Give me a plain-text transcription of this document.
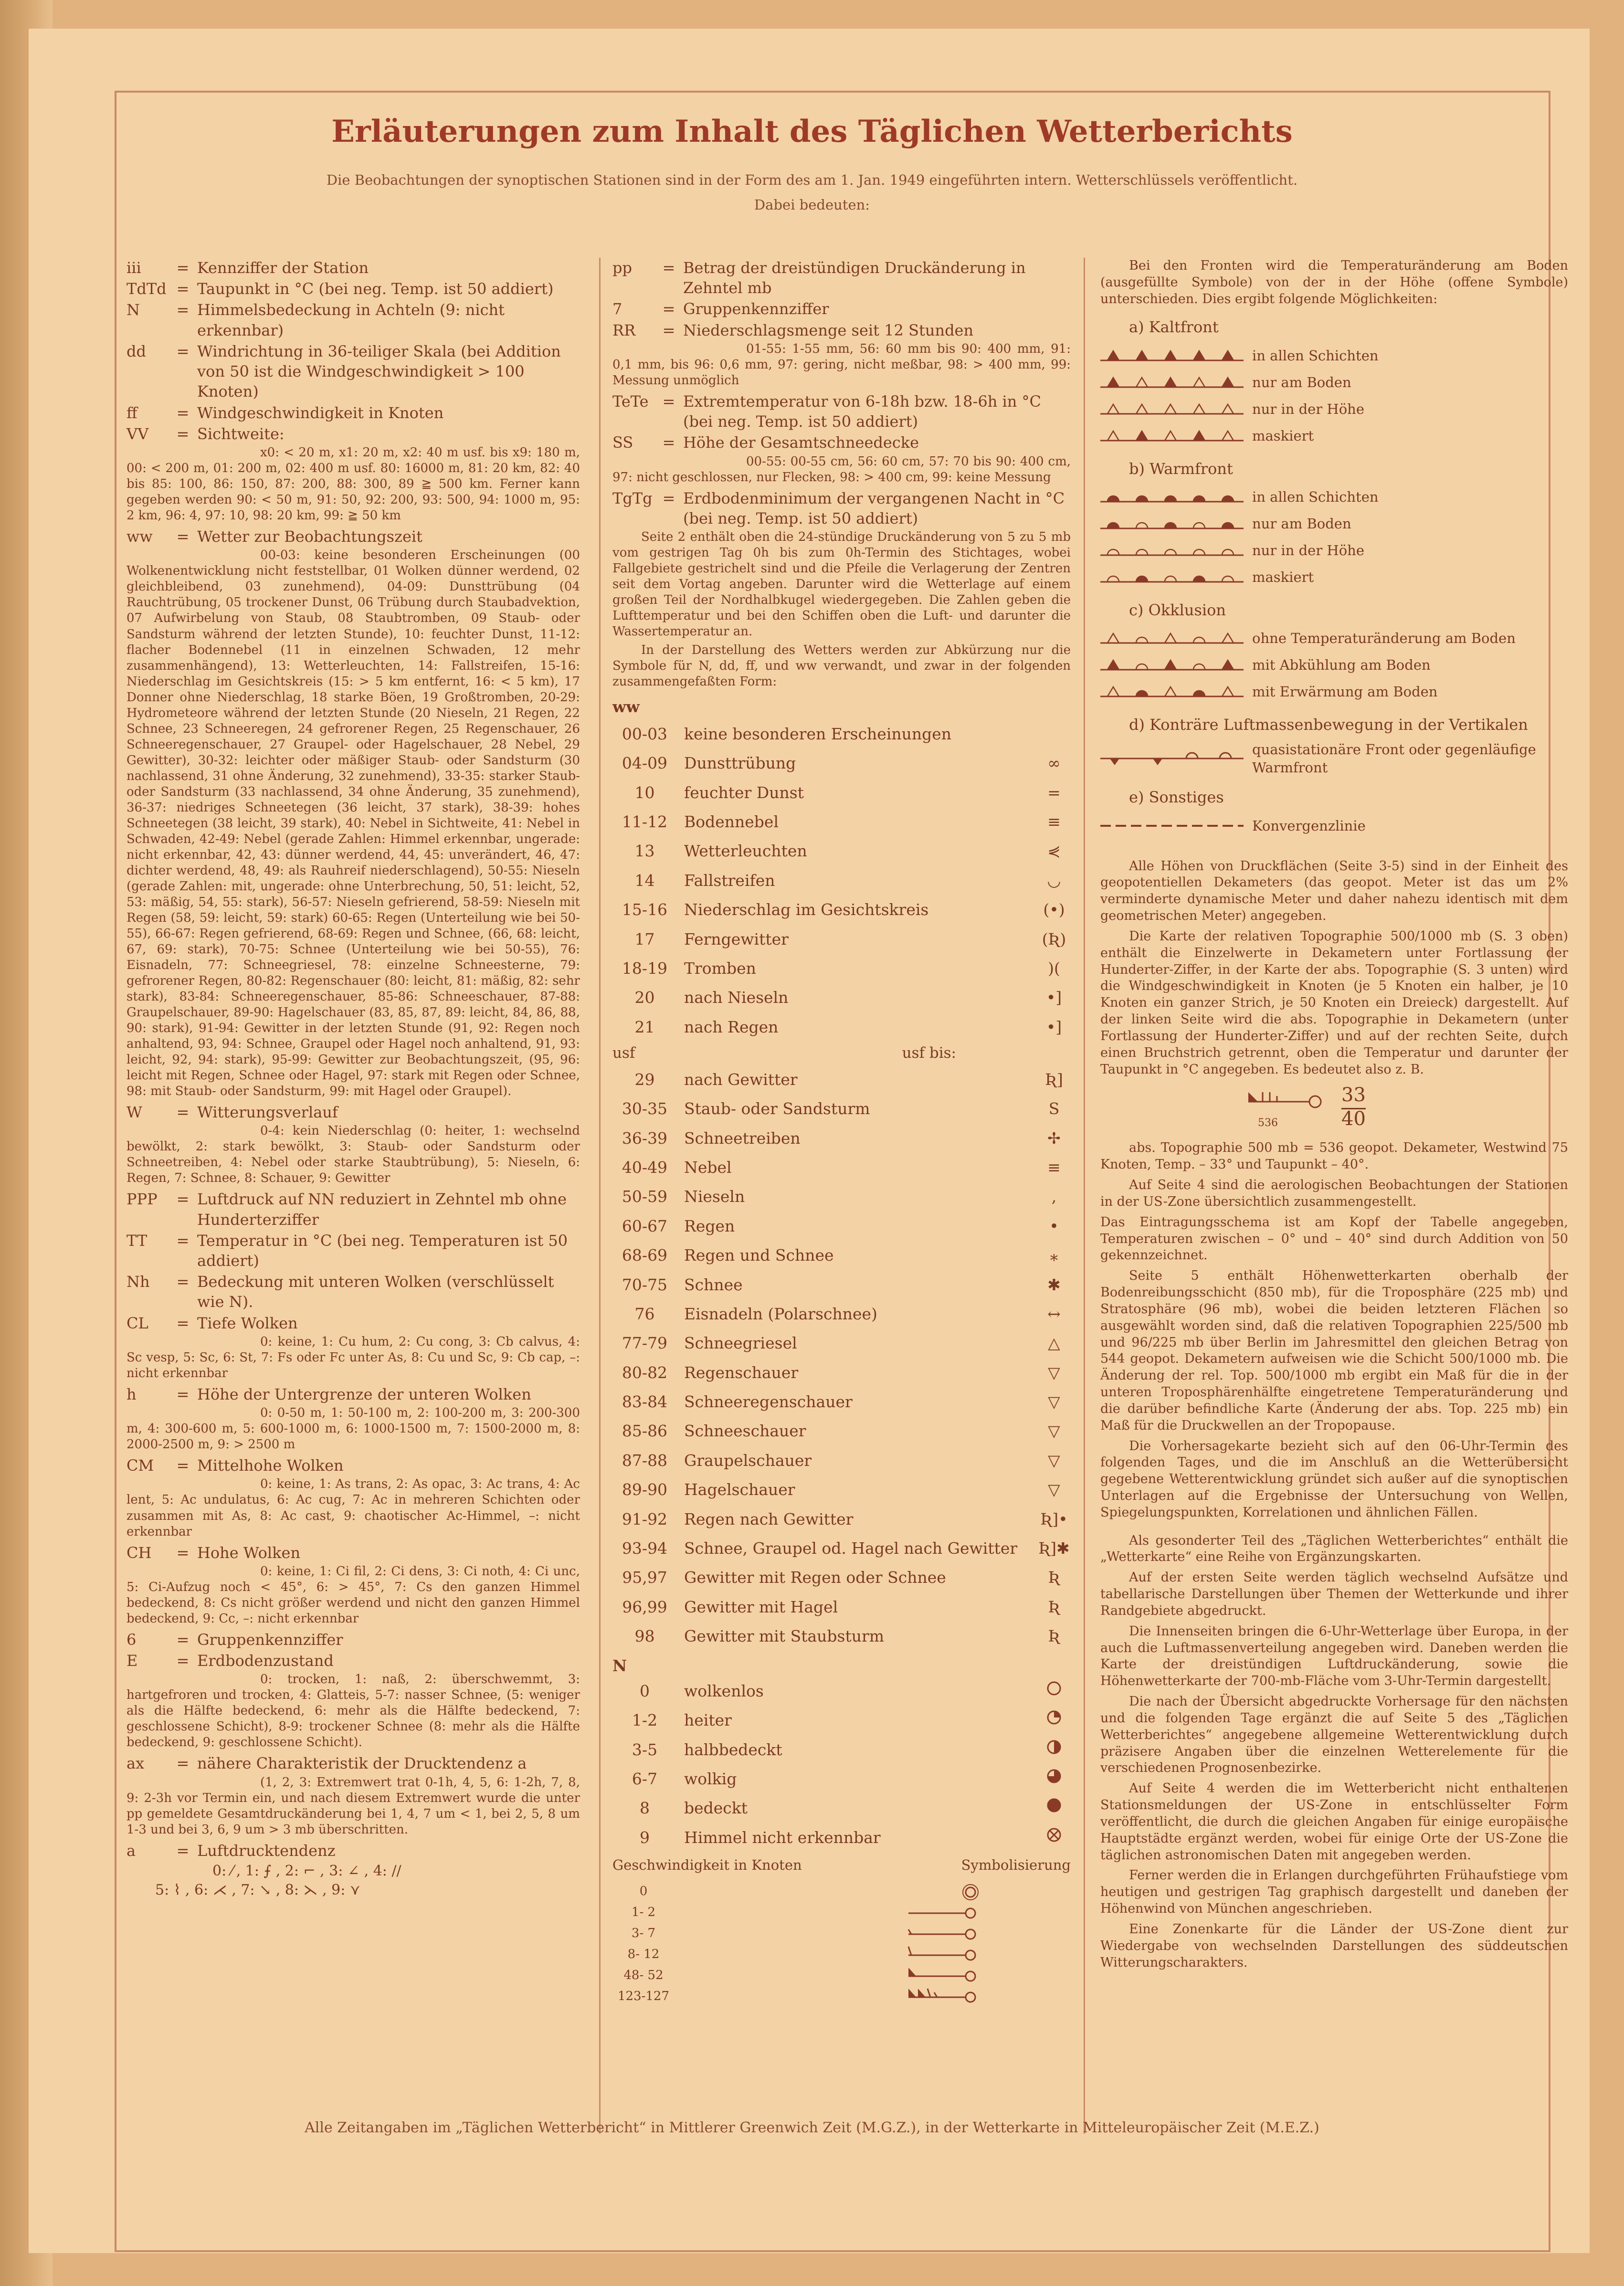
Erläuterungen zum Inhalt des Täglichen Wetterberichts
Die Beobachtungen der synoptischen Stationen sind in der Form des am 1. Jan. 1949 eingeführten intern. Wetterschlüssels veröffentlicht.
Dabei bedeuten:
iii	= Kennziffer der Station
TdTd = Taupunkt in °C (bei neg. Temp. ist 50 addiert)
N	= Himmelsbedeckung in Achteln (9: nicht erkennbar)
dd	= Windrichtung in 36-teiliger Skala (bei Addition von 50 ist die Windgeschwindigkeit > 100 Knoten)
ff	= Windgeschwindigkeit in Knoten
VV	= Sichtweite:

x0: < 20 m, x1: 20 m, x2: 40 m usf. bis x9: 180 m, 00: < 200 m, 01: 200 m, 02: 400 m usf. 80: 16000 m, 81: 20 km, 82: 40 bis 85: 100, 86: 150, 87: 200, 88: 300, 89 ≧ 500 km. Ferner kann gegeben werden 90: < 50 m, 91: 50, 92: 200, 93: 500, 94: 1000 m, 95: 2 km, 96: 4, 97: 10, 98: 20 km, 99: ≧ 50 km

ww	= Wetter zur Beobachtungszeit

00-03: keine besonderen Erscheinungen (00 Wolkenentwicklung nicht feststellbar, 01 Wolken dünner werdend, 02 gleichbleibend, 03 zunehmend), 04-09: Dunsttrübung (04 Rauchtrübung, 05 trockener Dunst, 06 Trübung durch Staubadvektion, 07 Aufwirbelung von Staub, 08 Staubtromben, 09 Staub- oder Sandsturm während der letzten Stunde), 10: feuchter Dunst, 11-12: flacher Bodennebel (11 in einzelnen Schwaden, 12 mehr zusammenhängend), 13: Wetterleuchten, 14: Fallstreifen, 15-16: Niederschlag im Gesichtskreis (15: > 5 km entfernt, 16: < 5 km), 17 Donner ohne Niederschlag, 18 starke Böen, 19 Großtromben, 20-29: Hydrometeore während der letzten Stunde (20 Nieseln, 21 Regen, 22 Schnee, 23 Schneeregen, 24 gefrorener Regen, 25 Regenschauer, 26 Schneeregenschauer, 27 Graupel- oder Hagelschauer, 28 Nebel, 29 Gewitter), 30-32: leichter oder mäßiger Staub- oder Sandsturm (30 nachlassend, 31 ohne Änderung, 32 zunehmend), 33-35: starker Staub- oder Sandsturm (33 nachlassend, 34 ohne Änderung, 35 zunehmend), 36-37: niedriges Schneetegen (36 leicht, 37 stark), 38-39: hohes Schneetegen (38 leicht, 39 stark), 40: Nebel in Sichtweite, 41: Nebel in Schwaden, 42-49: Nebel (gerade Zahlen: Himmel erkennbar, ungerade: nicht erkennbar, 42, 43: dünner werdend, 44, 45: unverändert, 46, 47: dichter werdend, 48, 49: als Rauhreif niederschlagend), 50-55: Nieseln (gerade Zahlen: mit, ungerade: ohne Unterbrechung, 50, 51: leicht, 52, 53: mäßig, 54, 55: stark), 56-57: Nieseln gefrierend, 58-59: Nieseln mit Regen (58, 59: leicht, 59: stark) 60-65: Regen (Unterteilung wie bei 50-55), 66-67: Regen gefrierend, 68-69: Regen und Schnee, (66, 68: leicht, 67, 69: stark), 70-75: Schnee (Unterteilung wie bei 50-55), 76: Eisnadeln, 77: Schneegriesel, 78: einzelne Schneesterne, 79: gefrorener Regen, 80-82: Regenschauer (80: leicht, 81: mäßig, 82: sehr stark), 83-84: Schneeregenschauer, 85-86: Schneeschauer, 87-88: Graupelschauer, 89-90: Hagelschauer (83, 85, 87, 89: leicht, 84, 86, 88, 90: stark), 91-94: Gewitter in der letzten Stunde (91, 92: Regen noch anhaltend, 93, 94: Schnee, Graupel oder Hagel noch anhaltend, 91, 93: leicht, 92, 94: stark), 95-99: Gewitter zur Beobachtungszeit, (95, 96: leicht mit Regen, Schnee oder Hagel, 97: stark mit Regen oder Schnee, 98: mit Staub- oder Sandsturm, 99: mit Hagel oder Graupel).

W	= Witterungsverlauf

0-4: kein Niederschlag (0: heiter, 1: wechselnd bewölkt, 2: stark bewölkt, 3: Staub- oder Sandsturm oder Schneetreiben, 4: Nebel oder starke Staubtrübung), 5: Nieseln, 6: Regen, 7: Schnee, 8: Schauer, 9: Gewitter

PPP	= Luftdruck auf NN reduziert in Zehntel mb ohne Hunderterziffer
TT	= Temperatur in °C (bei neg. Temperaturen ist 50 addiert)
Nh	= Bedeckung mit unteren Wolken (verschlüsselt wie N).
CL	= Tiefe Wolken

0: keine, 1: Cu hum, 2: Cu cong, 3: Cb calvus, 4: Sc vesp, 5: Sc, 6: St, 7: Fs oder Fc unter As, 8: Cu und Sc, 9: Cb cap, –: nicht erkennbar

h	= Höhe der Untergrenze der unteren Wolken

0: 0-50 m, 1: 50-100 m, 2: 100-200 m, 3: 200-300 m, 4: 300-600 m, 5: 600-1000 m, 6: 1000-1500 m, 7: 1500-2000 m, 8: 2000-2500 m, 9: > 2500 m

CM	= Mittelhohe Wolken

0: keine, 1: As trans, 2: As opac, 3: Ac trans, 4: Ac lent, 5: Ac undulatus, 6: Ac cug, 7: Ac in mehreren Schichten oder zusammen mit As, 8: Ac cast, 9: chaotischer Ac-Himmel, –: nicht erkennbar

CH	= Hohe Wolken

0: keine, 1: Ci fil, 2: Ci dens, 3: Ci noth, 4: Ci unc, 5: Ci-Aufzug noch < 45°, 6: > 45°, 7: Cs den ganzen Himmel bedeckend, 8: Cs nicht größer werdend und nicht den ganzen Himmel bedeckend, 9: Cc, –: nicht erkennbar

6	= Gruppenkennziffer
E	= Erdbodenzustand

0: trocken, 1: naß, 2: überschwemmt, 3: hartgefroren und trocken, 4: Glatteis, 5-7: nasser Schnee, (5: weniger als die Hälfte bedeckend, 6: mehr als die Hälfte bedeckend, 7: geschlossene Schicht), 8-9: trockener Schnee (8: mehr als die Hälfte bedeckend, 9: geschlossene Schicht).

ax	= nähere Charakteristik der Drucktendenz a

(1, 2, 3: Extremwert trat 0-1h, 4, 5, 6: 1-2h, 7, 8, 9: 2-3h vor Termin ein, und nach diesem Extremwert wurde die unter pp gemeldete Gesamtdruckänderung bei 1, 4, 7 um < 1, bei 2, 5, 8 um 1-3 und bei 3, 6, 9 um > 3 mb überschritten.

a	= Luftdrucktendenz
0: ⁄ , 1: ⨍ , 2: ⌐ , 3: ∠ , 4: ∕∕
5: ⌇ , 6: ⋌ , 7: ↘ , 8: ⋋ , 9: ⋎
pp	= Betrag der dreistündigen Druckänderung in Zehntel mb
7	= Gruppenkennziffer
RR	= Niederschlagsmenge seit 12 Stunden

01-55: 1-55 mm, 56: 60 mm bis 90: 400 mm, 91: 0,1 mm, bis 96: 0,6 mm, 97: gering, nicht meßbar, 98: > 400 mm, 99: Messung unmöglich

TeTe = Extremtemperatur von 6-18h bzw. 18-6h in °C (bei neg. Temp. ist 50 addiert)
SS	= Höhe der Gesamtschneedecke

00-55: 00-55 cm, 56: 60 cm, 57: 70 bis 90: 400 cm, 97: nicht geschlossen, nur Flecken, 98: > 400 cm, 99: keine Messung

TgTg = Erdbodenminimum der vergangenen Nacht in °C (bei neg. Temp. ist 50 addiert)

Seite 2 enthält oben die 24-stündige Druckänderung von 5 zu 5 mb vom gestrigen Tag 0h bis zum 0h-Termin des Stichtages, wobei Fallgebiete gestrichelt sind und die Pfeile die Verlagerung der Zentren seit dem Vortag angeben. Darunter wird die Wetterlage auf einem großen Teil der Nordhalbkugel wiedergegeben. Die Zahlen geben die Lufttemperatur und bei den Schiffen oben die Luft- und darunter die Wassertemperatur an.

In der Darstellung des Wetters werden zur Abkürzung nur die Symbole für N, dd, ff, und ww verwandt, und zwar in der folgenden zusammengefaßten Form:

ww
00-03	keine besonderen Erscheinungen
04-09	Dunsttrübung	∞
10	feuchter Dunst	=
11-12	Bodennebel	≡
13	Wetterleuchten	⋞
14	Fallstreifen	◡
15-16	Niederschlag im Gesichtskreis	(•)
17	Ferngewitter	(Ʀ)
18-19	Tromben	)(
20	nach Nieseln	•]
21	nach Regen	•]
usf	usf bis:
29	nach Gewitter	Ʀ]
30-35	Staub- oder Sandsturm	S
36-39	Schneetreiben	✢
40-49	Nebel	≡
50-59	Nieseln	,
60-67	Regen	•
68-69	Regen und Schnee	⁎
70-75	Schnee	✱
76	Eisnadeln (Polarschnee)	↔
77-79	Schneegriesel	△
80-82	Regenschauer	▽
83-84	Schneeregenschauer	▽
85-86	Schneeschauer	▽
87-88	Graupelschauer	▽
89-90	Hagelschauer	▽
91-92	Regen nach Gewitter	Ʀ]•
93-94	Schnee, Graupel od. Hagel nach Gewitter	Ʀ]✱
95,97	Gewitter mit Regen oder Schnee	Ʀ
96,99	Gewitter mit Hagel	Ʀ
98	Gewitter mit Staubsturm	Ʀ
N
0	wolkenlos
1-2	heiter
3-5	halbbedeckt
6-7	wolkig
8	bedeckt
9	Himmel nicht erkennbar
Geschwindigkeit in Knoten	Symbolisierung
0
1- 2
3- 7
8- 12
48- 52
123-127

Bei den Fronten wird die Temperaturänderung am Boden (ausgefüllte Symbole) von der in der Höhe (offene Symbole) unterschieden. Dies ergibt folgende Möglichkeiten:

a) Kaltfront
in allen Schichten
nur am Boden
nur in der Höhe
maskiert
b) Warmfront
in allen Schichten
nur am Boden
nur in der Höhe
maskiert
c) Okklusion
ohne Temperaturänderung am Boden
mit Abkühlung am Boden
mit Erwärmung am Boden
d) Konträre Luftmassenbewegung in der Vertikalen
quasistationäre Front oder gegenläufige Warmfront
e) Sonstiges
Konvergenzlinie

Alle Höhen von Druckflächen (Seite 3-5) sind in der Einheit des geopotentiellen Dekameters (das geopot. Meter ist das um 2% verminderte dynamische Meter und daher nahezu identisch mit dem geometrischen Meter) angegeben.

Die Karte der relativen Topographie 500/1000 mb (S. 3 oben) enthält die Einzelwerte in Dekametern unter Fortlassung der Hunderter-Ziffer, in der Karte der abs. Topographie (S. 3 unten) wird die Windgeschwindigkeit in Knoten (je 5 Knoten ein halber, je 10 Knoten ein ganzer Strich, je 50 Knoten ein Dreieck) dargestellt. Auf der linken Seite wird die abs. Topographie in Dekametern (unter Fortlassung der Hunderter-Ziffer) und auf der rechten Seite, durch einen Bruchstrich getrennt, oben die Temperatur und darunter der Taupunkt in °C angegeben. Es bedeutet also z. B.

536
33
40

abs. Topographie 500 mb = 536 geopot. Dekameter, Westwind 75 Knoten, Temp. – 33° und Taupunkt – 40°.

Auf Seite 4 sind die aerologischen Beobachtungen der Stationen in der US-Zone übersichtlich zusammengestellt.

Das Eintragungsschema ist am Kopf der Tabelle angegeben, Temperaturen zwischen – 0° und – 40° sind durch Addition von 50 gekennzeichnet.

Seite 5 enthält Höhenwetterkarten oberhalb der Bodenreibungsschicht (850 mb), für die Troposphäre (225 mb) und Stratosphäre (96 mb), wobei die beiden letzteren Flächen so ausgewählt worden sind, daß die relativen Topographien 225/500 mb und 96/225 mb über Berlin im Jahresmittel den gleichen Betrag von 544 geopot. Dekametern aufweisen wie die Schicht 500/1000 mb. Die Änderung der rel. Top. 500/1000 mb ergibt ein Maß für die in der unteren Troposphärenhälfte eingetretene Temperaturänderung und die darüber befindliche Karte (Änderung der abs. Top. 225 mb) ein Maß für die Druckwellen an der Tropopause.

Die Vorhersagekarte bezieht sich auf den 06-Uhr-Termin des folgenden Tages, und die im Anschluß an die Wetterübersicht gegebene Wetterentwicklung gründet sich außer auf die synoptischen Unterlagen auf die Ergebnisse der Untersuchung von Wellen, Spiegelungspunkten, Korrelationen und ähnlichen Fällen.

Als gesonderter Teil des „Täglichen Wetterberichtes“ enthält die „Wetterkarte“ eine Reihe von Ergänzungskarten.

Auf der ersten Seite werden täglich wechselnd Aufsätze und tabellarische Darstellungen über Themen der Wetterkunde und ihrer Randgebiete abgedruckt.

Die Innenseiten bringen die 6-Uhr-Wetterlage über Europa, in der auch die Luftmassenverteilung angegeben wird. Daneben werden die Karte der dreistündigen Luftdruckänderung, sowie die Höhenwetterkarte der 700-mb-Fläche vom 3-Uhr-Termin dargestellt.

Die nach der Übersicht abgedruckte Vorhersage für den nächsten und die folgenden Tage ergänzt die auf Seite 5 des „Täglichen Wetterberichtes“ angegebene allgemeine Wetterentwicklung durch präzisere Angaben über die einzelnen Wetterelemente für die verschiedenen Prognosenbezirke.

Auf Seite 4 werden die im Wetterbericht nicht enthaltenen Stationsmeldungen der US-Zone in entschlüsselter Form veröffentlicht, die durch die gleichen Angaben für einige europäische Hauptstädte ergänzt werden, wobei für einige Orte der US-Zone die täglichen astronomischen Daten mit angegeben werden.

Ferner werden die in Erlangen durchgeführten Frühaufstiege vom heutigen und gestrigen Tag graphisch dargestellt und daneben der Höhenwind von München angeschrieben.

Eine Zonenkarte für die Länder der US-Zone dient zur Wiedergabe von wechselnden Darstellungen des süddeutschen Witterungscharakters.

Alle Zeitangaben im „Täglichen Wetterbericht“ in Mittlerer Greenwich Zeit (M.G.Z.), in der Wetterkarte in Mitteleuropäischer Zeit (M.E.Z.)
